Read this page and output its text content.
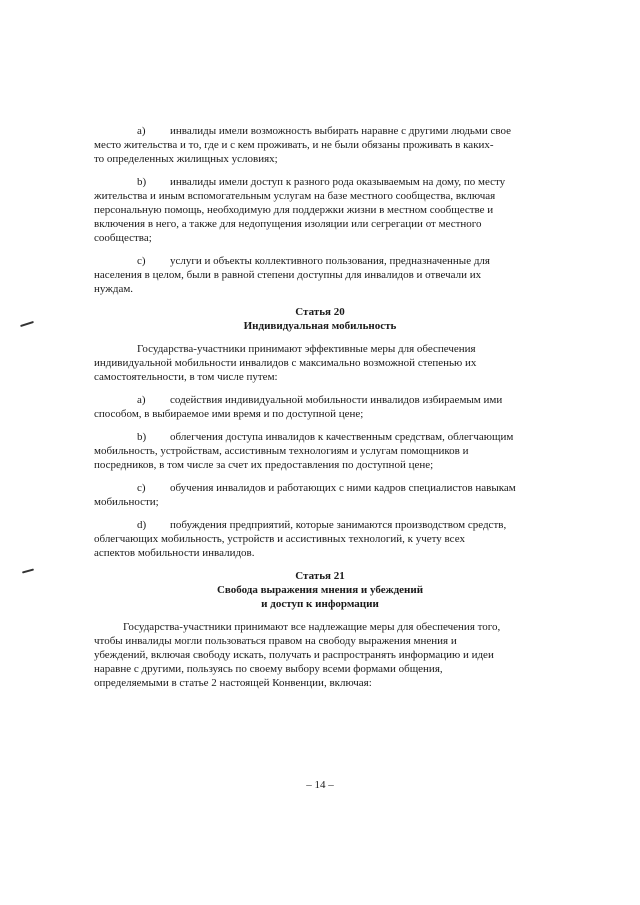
a) инвалиды имели возможность выбирать наравне с другими людьми свое
место жительства и то, где и с кем проживать, и не были обязаны проживать в каких-
то определенных жилищных условиях;
b) инвалиды имели доступ к разного рода оказываемым на дому, по месту
жительства и иным вспомогательным услугам на базе местного сообщества, включая
персональную помощь, необходимую для поддержки жизни в местном сообществе и
включения в него, а также для недопущения изоляции или сегрегации от местного
сообщества;
c) услуги и объекты коллективного пользования, предназначенные для
населения в целом, были в равной степени доступны для инвалидов и отвечали их
нуждам.
Статья 20
Индивидуальная мобильность
Государства-участники принимают эффективные меры для обеспечения
индивидуальной мобильности инвалидов с максимально возможной степенью их
самостоятельности, в том числе путем:
a) содействия индивидуальной мобильности инвалидов избираемым ими
способом, в выбираемое ими время и по доступной цене;
b) облегчения доступа инвалидов к качественным средствам, облегчающим
мобильность, устройствам, ассистивным технологиям и услугам помощников и
посредников, в том числе за счет их предоставления по доступной цене;
c) обучения инвалидов и работающих с ними кадров специалистов навыкам
мобильности;
d) побуждения предприятий, которые занимаются производством средств,
облегчающих мобильность, устройств и ассистивных технологий, к учету всех
аспектов мобильности инвалидов.
Статья 21
Свобода выражения мнения и убеждений
и доступ к информации
Государства-участники принимают все надлежащие меры для обеспечения того,
чтобы инвалиды могли пользоваться правом на свободу выражения мнения и
убеждений, включая свободу искать, получать и распространять информацию и идеи
наравне с другими, пользуясь по своему выбору всеми формами общения,
определяемыми в статье 2 настоящей Конвенции, включая:
– 14 –
